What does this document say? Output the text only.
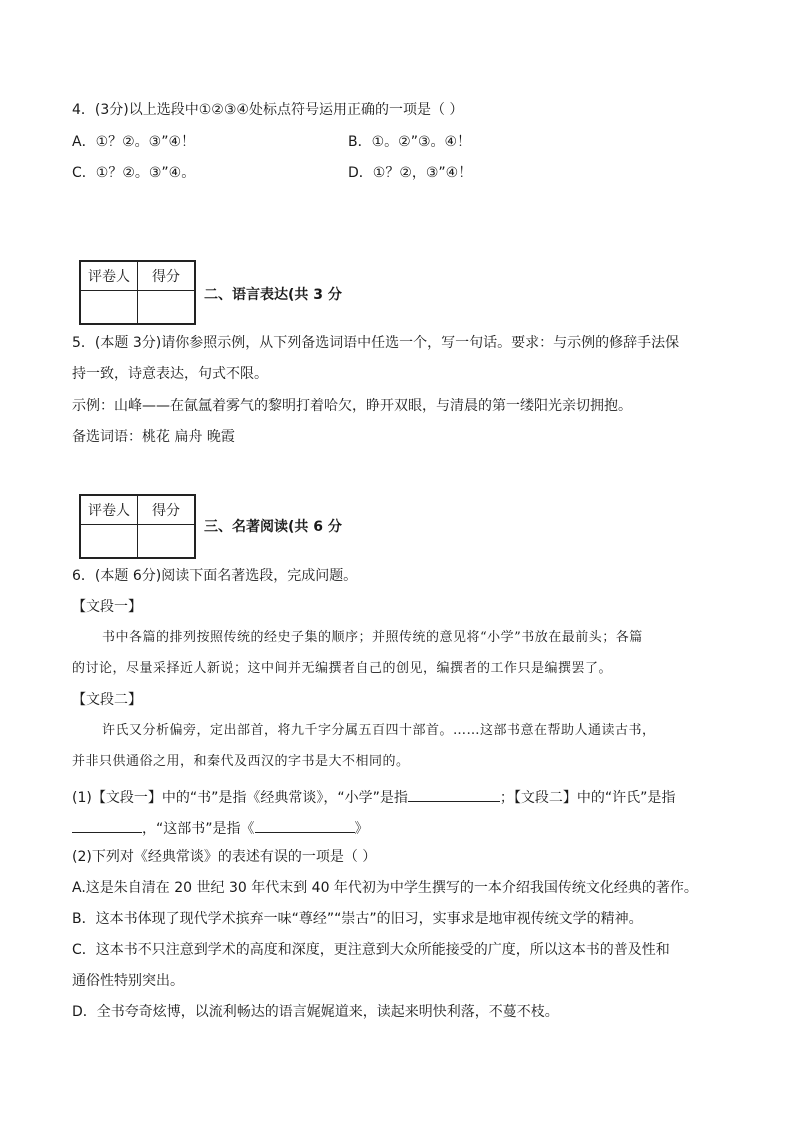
4．(3分)以上选段中①②③④处标点符号运用正确的一项是（ ）
A．①？②。③”④！	B．①。②”③。④！
C．①？②。③”④。	D．①？②，③”④！
评卷人	得分

二、语言表达(共 3 分
5．(本题 3分)请你参照示例，从下列备选词语中任选一个，写一句话。要求：与示例的修辞手法保
持一致，诗意表达，句式不限。
示例：山峰——在氤氲着雾气的黎明打着哈欠，睁开双眼，与清晨的第一缕阳光亲切拥抱。
备选词语：桃花 扁舟 晚霞
评卷人	得分

三、名著阅读(共 6 分
6．(本题 6分)阅读下面名著选段，完成问题。
【文段一】
书中各篇的排列按照传统的经史子集的顺序；并照传统的意见将“小学”书放在最前头；各篇
的讨论，尽量采择近人新说；这中间并无编撰者自己的创见，编撰者的工作只是编撰罢了。
【文段二】
许氏又分析偏旁，定出部首，将九千字分属五百四十部首。……这部书意在帮助人通读古书，
并非只供通俗之用，和秦代及西汉的字书是大不相同的。
(1)【文段一】中的“书”是指《经典常谈》，“小学”是指	；【文段二】中的“许氏”是指
，“这部书”是指《	》
(2)下列对《经典常谈》的表述有误的一项是（ ）
A.这是朱自清在 20 世纪 30 年代末到 40 年代初为中学生撰写的一本介绍我国传统文化经典的著作。
B．这本书体现了现代学术摈弃一味“尊经”“崇古”的旧习，实事求是地审视传统文学的精神。
C．这本书不只注意到学术的高度和深度，更注意到大众所能接受的广度，所以这本书的普及性和
通俗性特别突出。
D．全书夸奇炫博，以流利畅达的语言娓娓道来，读起来明快利落，不蔓不枝。
